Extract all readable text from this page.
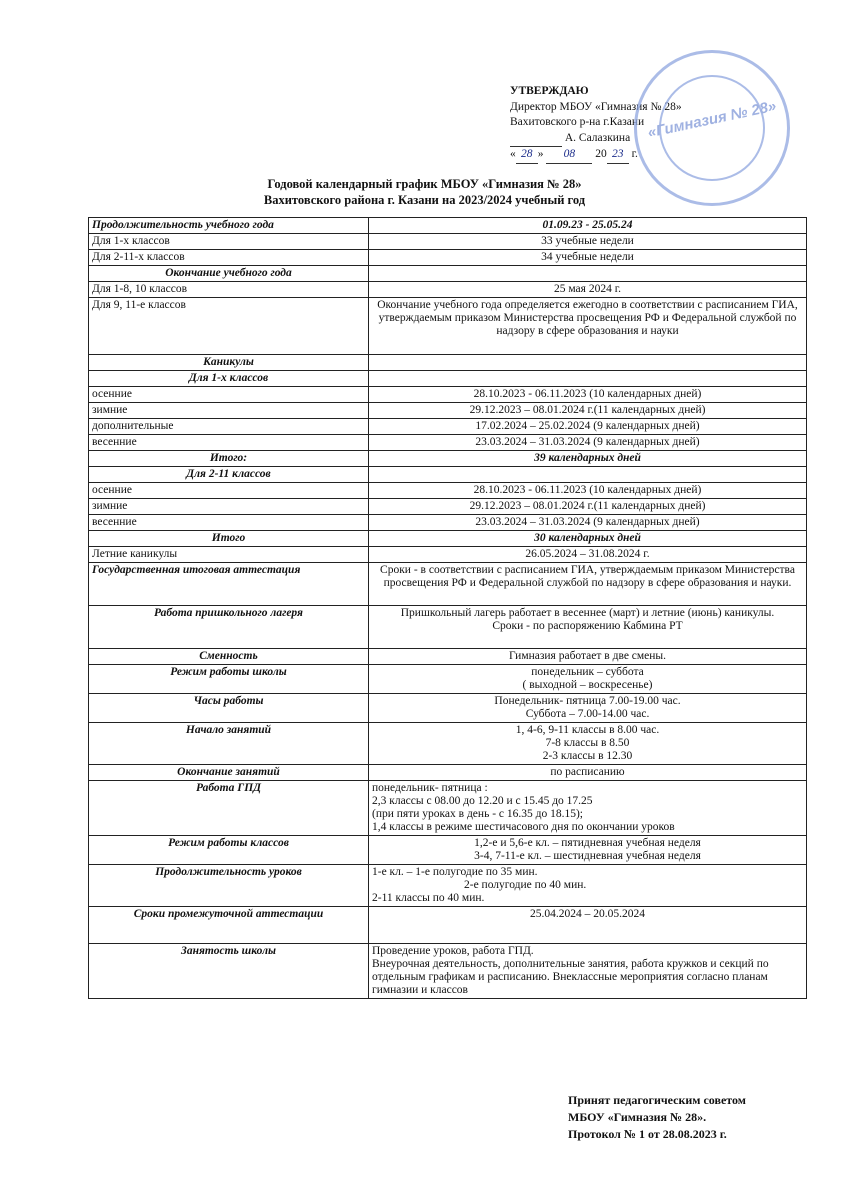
УТВЕРЖДАЮ
Директор МБОУ «Гимназия № 28»
Вахитовского р-на г.Казани
А. Салазкина
« 28 » 08 20 23 г.
«Гимназия № 28»
Годовой календарный график МБОУ «Гимназия № 28»
Вахитовского района г. Казани на 2023/2024 учебный год
Продолжительность учебного года	01.09.23 - 25.05.24
Для 1-х классов	33 учебные недели
Для 2-11-х классов	34 учебные недели
Окончание учебного года	
Для 1-8, 10 классов	25 мая 2024 г.
Для 9, 11-е классов	Окончание учебного года определяется ежегодно в соответствии с расписанием ГИА, утверждаемым приказом Министерства просвещения РФ и Федеральной службой по надзору в сфере образования и науки
Каникулы	
Для 1-х классов	
осенние	28.10.2023 - 06.11.2023 (10 календарных дней)
зимние	29.12.2023 – 08.01.2024 г.(11 календарных дней)
дополнительные	17.02.2024 – 25.02.2024 (9 календарных дней)
весенние	23.03.2024 – 31.03.2024 (9 календарных дней)
Итого:	39 календарных дней
Для 2-11 классов	
осенние	28.10.2023 - 06.11.2023 (10 календарных дней)
зимние	29.12.2023 – 08.01.2024 г.(11 календарных дней)
весенние	23.03.2024 – 31.03.2024 (9 календарных дней)
Итого	30 календарных дней
Летние каникулы	26.05.2024 – 31.08.2024 г.
Государственная итоговая аттестация	Сроки - в соответствии с расписанием ГИА, утверждаемым приказом Министерства просвещения РФ и Федеральной службой по надзору в сфере образования и науки.
Работа пришкольного лагеря	Пришкольный лагерь работает в весеннее (март) и летние (июнь) каникулы.
Сроки - по распоряжению Кабмина РТ

Сменность	Гимназия работает в две смены.
Режим работы школы	понедельник – суббота
( выходной – воскресенье)

Часы работы	Понедельник- пятница 7.00-19.00 час.
Суббота – 7.00-14.00 час.

Начало занятий	1, 4-6, 9-11 классы в 8.00 час.
7-8 классы в 8.50
2-3 классы в 12.30

Окончание занятий	по расписанию
Работа ГПД	понедельник- пятница :
2,3 классы с 08.00 до 12.20 и с 15.45 до 17.25
(при пяти уроках в день - с 16.35 до 18.15);
1,4 классы в режиме шестичасового дня по окончании уроков

Режим работы классов	1,2-е и 5,6-е кл. – пятидневная учебная неделя
3-4, 7-11-е кл. – шестидневная учебная неделя

Продолжительность уроков	1-е кл. – 1-е полугодие по 35 мин.
2-е полугодие по 40 мин.
2-11 классы по 40 мин.

Сроки промежуточной аттестации	25.04.2024 – 20.05.2024
Занятость школы	Проведение уроков, работа ГПД.
Внеурочная деятельность, дополнительные занятия, работа кружков и секций по отдельным графикам и расписанию. Внеклассные мероприятия согласно планам гимназии и классов
Принят педагогическим советом
МБОУ «Гимназия № 28».
Протокол № 1 от 28.08.2023 г.
